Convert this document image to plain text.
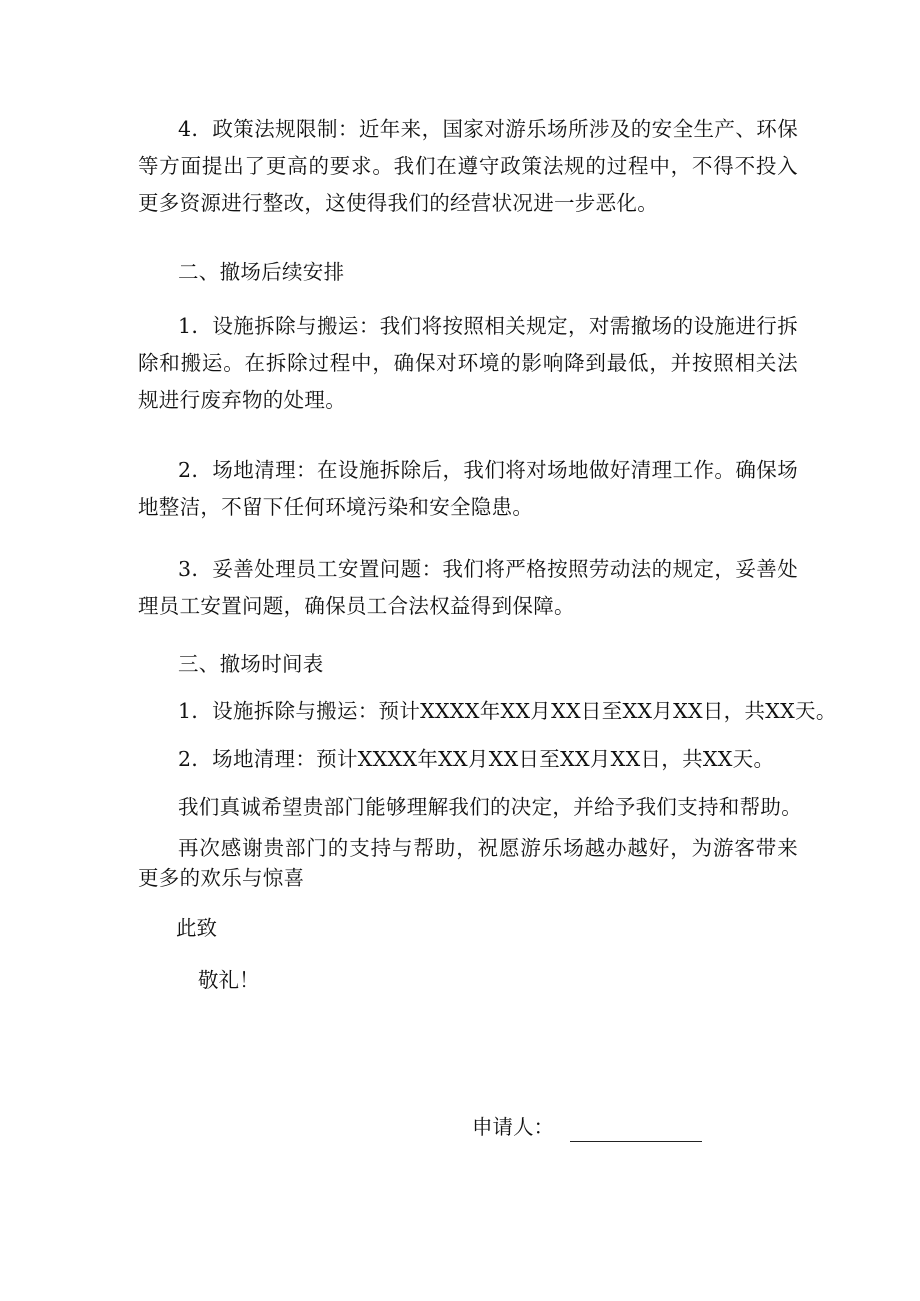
4．政策法规限制：近年来，国家对游乐场所涉及的安全生产、环保等方面提出了更高的要求。我们在遵守政策法规的过程中，不得不投入更多资源进行整改，这使得我们的经营状况进一步恶化。

二、撤场后续安排

1．设施拆除与搬运：我们将按照相关规定，对需撤场的设施进行拆除和搬运。在拆除过程中，确保对环境的影响降到最低，并按照相关法规进行废弃物的处理。

2．场地清理：在设施拆除后，我们将对场地做好清理工作。确保场地整洁，不留下任何环境污染和安全隐患。

3．妥善处理员工安置问题：我们将严格按照劳动法的规定，妥善处理员工安置问题，确保员工合法权益得到保障。

三、撤场时间表

1．设施拆除与搬运：预计XXXX年XX月XX日至XX月XX日，共XX天。

2．场地清理：预计XXXX年XX月XX日至XX月XX日，共XX天。

我们真诚希望贵部门能够理解我们的决定，并给予我们支持和帮助。

再次感谢贵部门的支持与帮助，祝愿游乐场越办越好，为游客带来更多的欢乐与惊喜

此致

敬礼！

申请人：
